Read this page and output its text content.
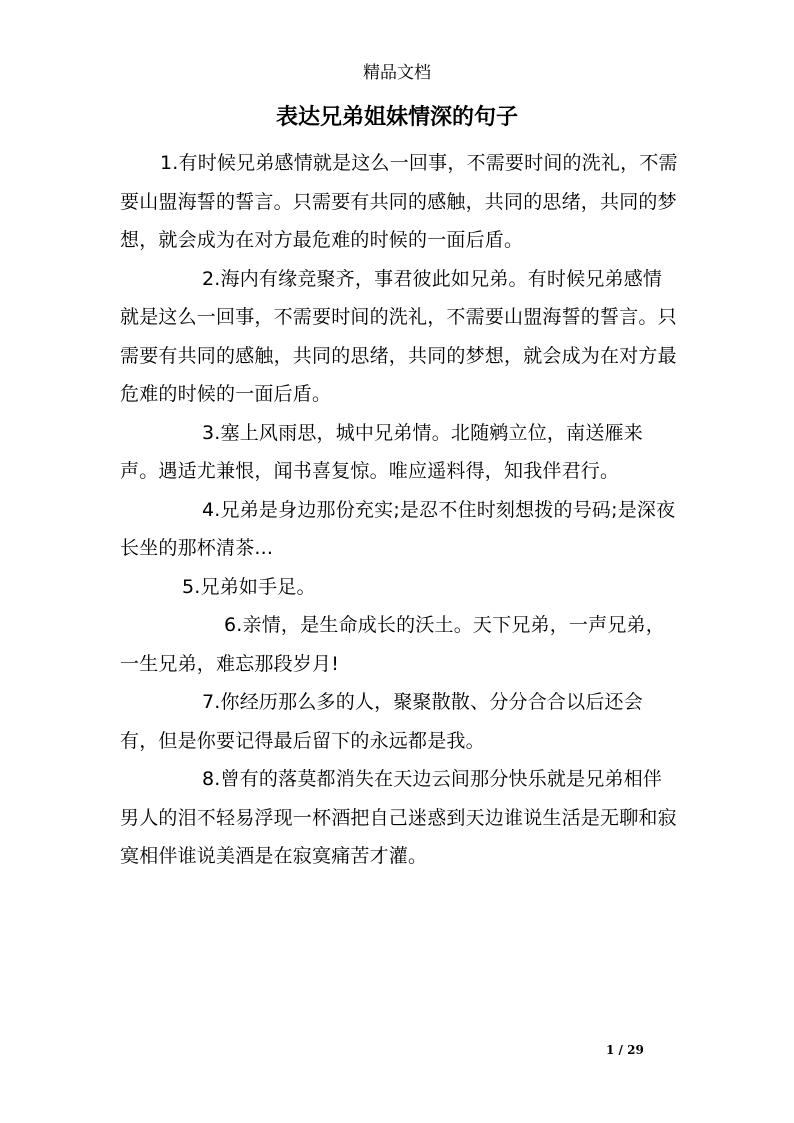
精品文档
表达兄弟姐妹情深的句子

1.有时候兄弟感情就是这么一回事，不需要时间的洗礼，不需要山盟海誓的誓言。只需要有共同的感触，共同的思绪，共同的梦想，就会成为在对方最危难的时候的一面后盾。

2.海内有缘竞聚齐，事君彼此如兄弟。有时候兄弟感情就是这么一回事，不需要时间的洗礼，不需要山盟海誓的誓言。只需要有共同的感触，共同的思绪，共同的梦想，就会成为在对方最危难的时候的一面后盾。

3.塞上风雨思，城中兄弟情。北随鹓立位，南送雁来声。遇适尤兼恨，闻书喜复惊。唯应遥料得，知我伴君行。

4.兄弟是身边那份充实;是忍不住时刻想拨的号码;是深夜长坐的那杯清茶...

5.兄弟如手足。

6.亲情，是生命成长的沃土。天下兄弟，一声兄弟，一生兄弟，难忘那段岁月!

7.你经历那么多的人，聚聚散散、分分合合以后还会有，但是你要记得最后留下的永远都是我。

8.曾有的落莫都消失在天边云间那分快乐就是兄弟相伴男人的泪不轻易浮现一杯酒把自己迷惑到天边谁说生活是无聊和寂寞相伴谁说美酒是在寂寞痛苦才灌。

1 / 29
